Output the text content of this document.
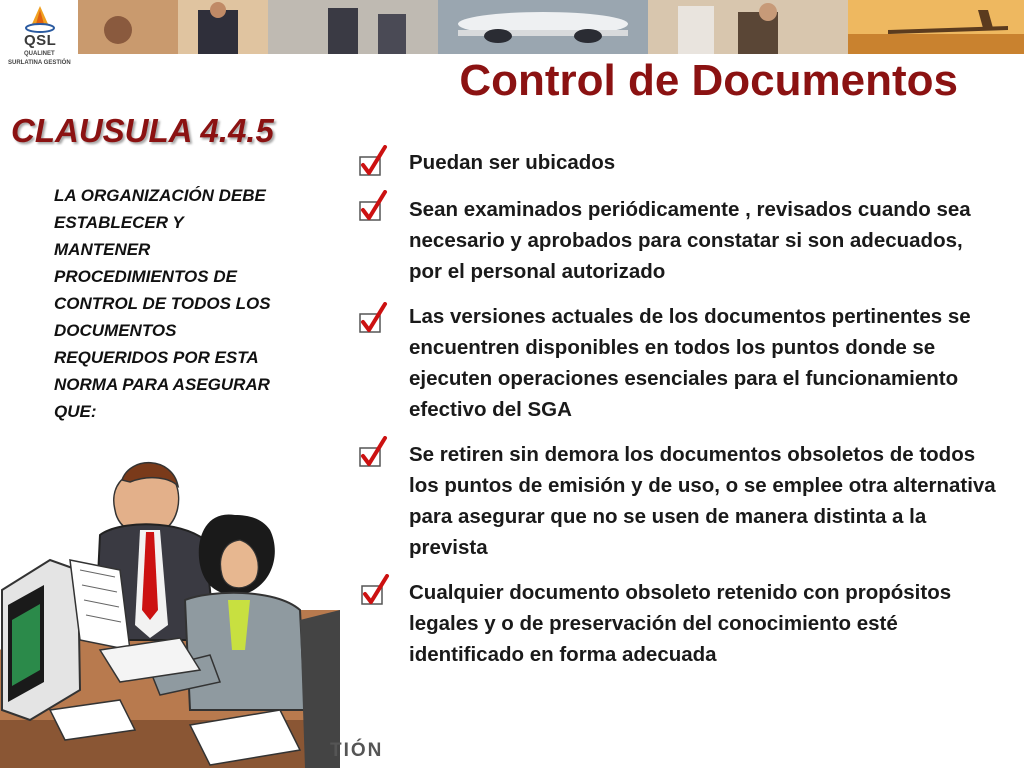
QSL
QUALINET
SURLATINA GESTIÓN	Control de Documentos
CLAUSULA 4.4.5
LA ORGANIZACIÓN DEBE ESTABLECER Y MANTENER PROCEDIMIENTOS DE CONTROL DE TODOS LOS DOCUMENTOS REQUERIDOS POR ESTA NORMA PARA ASEGURAR QUE:
Puedan ser ubicados
Sean examinados periódicamente , revisados cuando sea necesario y aprobados para constatar si son adecuados, por el personal autorizado
Las versiones actuales de los documentos pertinentes se encuentren disponibles en todos los puntos donde se ejecuten operaciones esenciales para el funcionamiento efectivo del SGA
Se retiren sin demora los documentos obsoletos de todos los puntos de emisión y de uso, o se emplee otra alternativa para asegurar que no se usen de manera distinta a la prevista
Cualquier documento obsoleto retenido con propósitos legales y o de preservación del conocimiento esté identificado en forma adecuada
TIÓN
